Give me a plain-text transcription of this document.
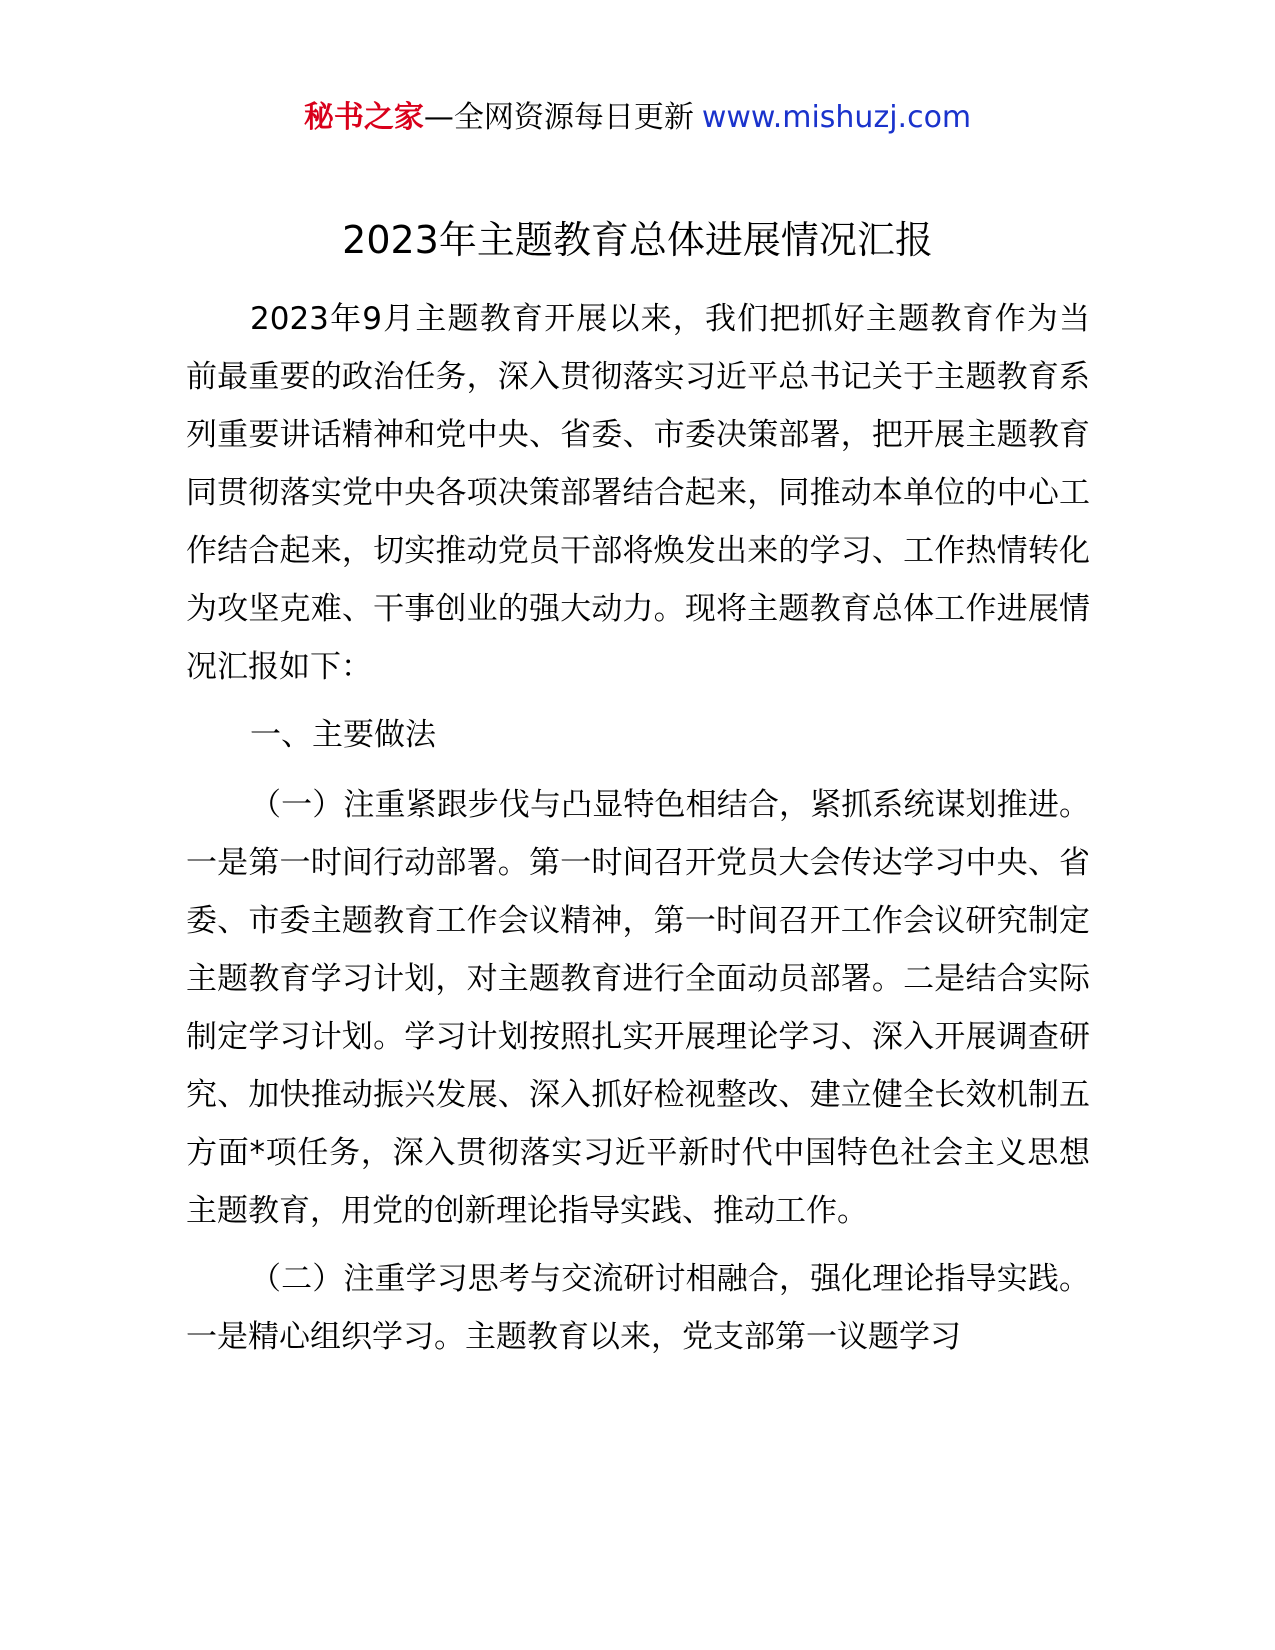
秘书之家—全网资源每日更新 www.mishuzj.com
2023年主题教育总体进展情况汇报

2023年9月主题教育开展以来，我们把抓好主题教育作为当前最重要的政治任务，深入贯彻落实习近平总书记关于主题教育系列重要讲话精神和党中央、省委、市委决策部署，把开展主题教育同贯彻落实党中央各项决策部署结合起来，同推动本单位的中心工作结合起来，切实推动党员干部将焕发出来的学习、工作热情转化为攻坚克难、干事创业的强大动力。现将主题教育总体工作进展情况汇报如下：

一、主要做法

（一）注重紧跟步伐与凸显特色相结合，紧抓系统谋划推进。一是第一时间行动部署。第一时间召开党员大会传达学习中央、省委、市委主题教育工作会议精神，第一时间召开工作会议研究制定主题教育学习计划，对主题教育进行全面动员部署。二是结合实际制定学习计划。学习计划按照扎实开展理论学习、深入开展调查研究、加快推动振兴发展、深入抓好检视整改、建立健全长效机制五方面*项任务，深入贯彻落实习近平新时代中国特色社会主义思想主题教育，用党的创新理论指导实践、推动工作。

（二）注重学习思考与交流研讨相融合，强化理论指导实践。一是精心组织学习。主题教育以来，党支部第一议题学习
